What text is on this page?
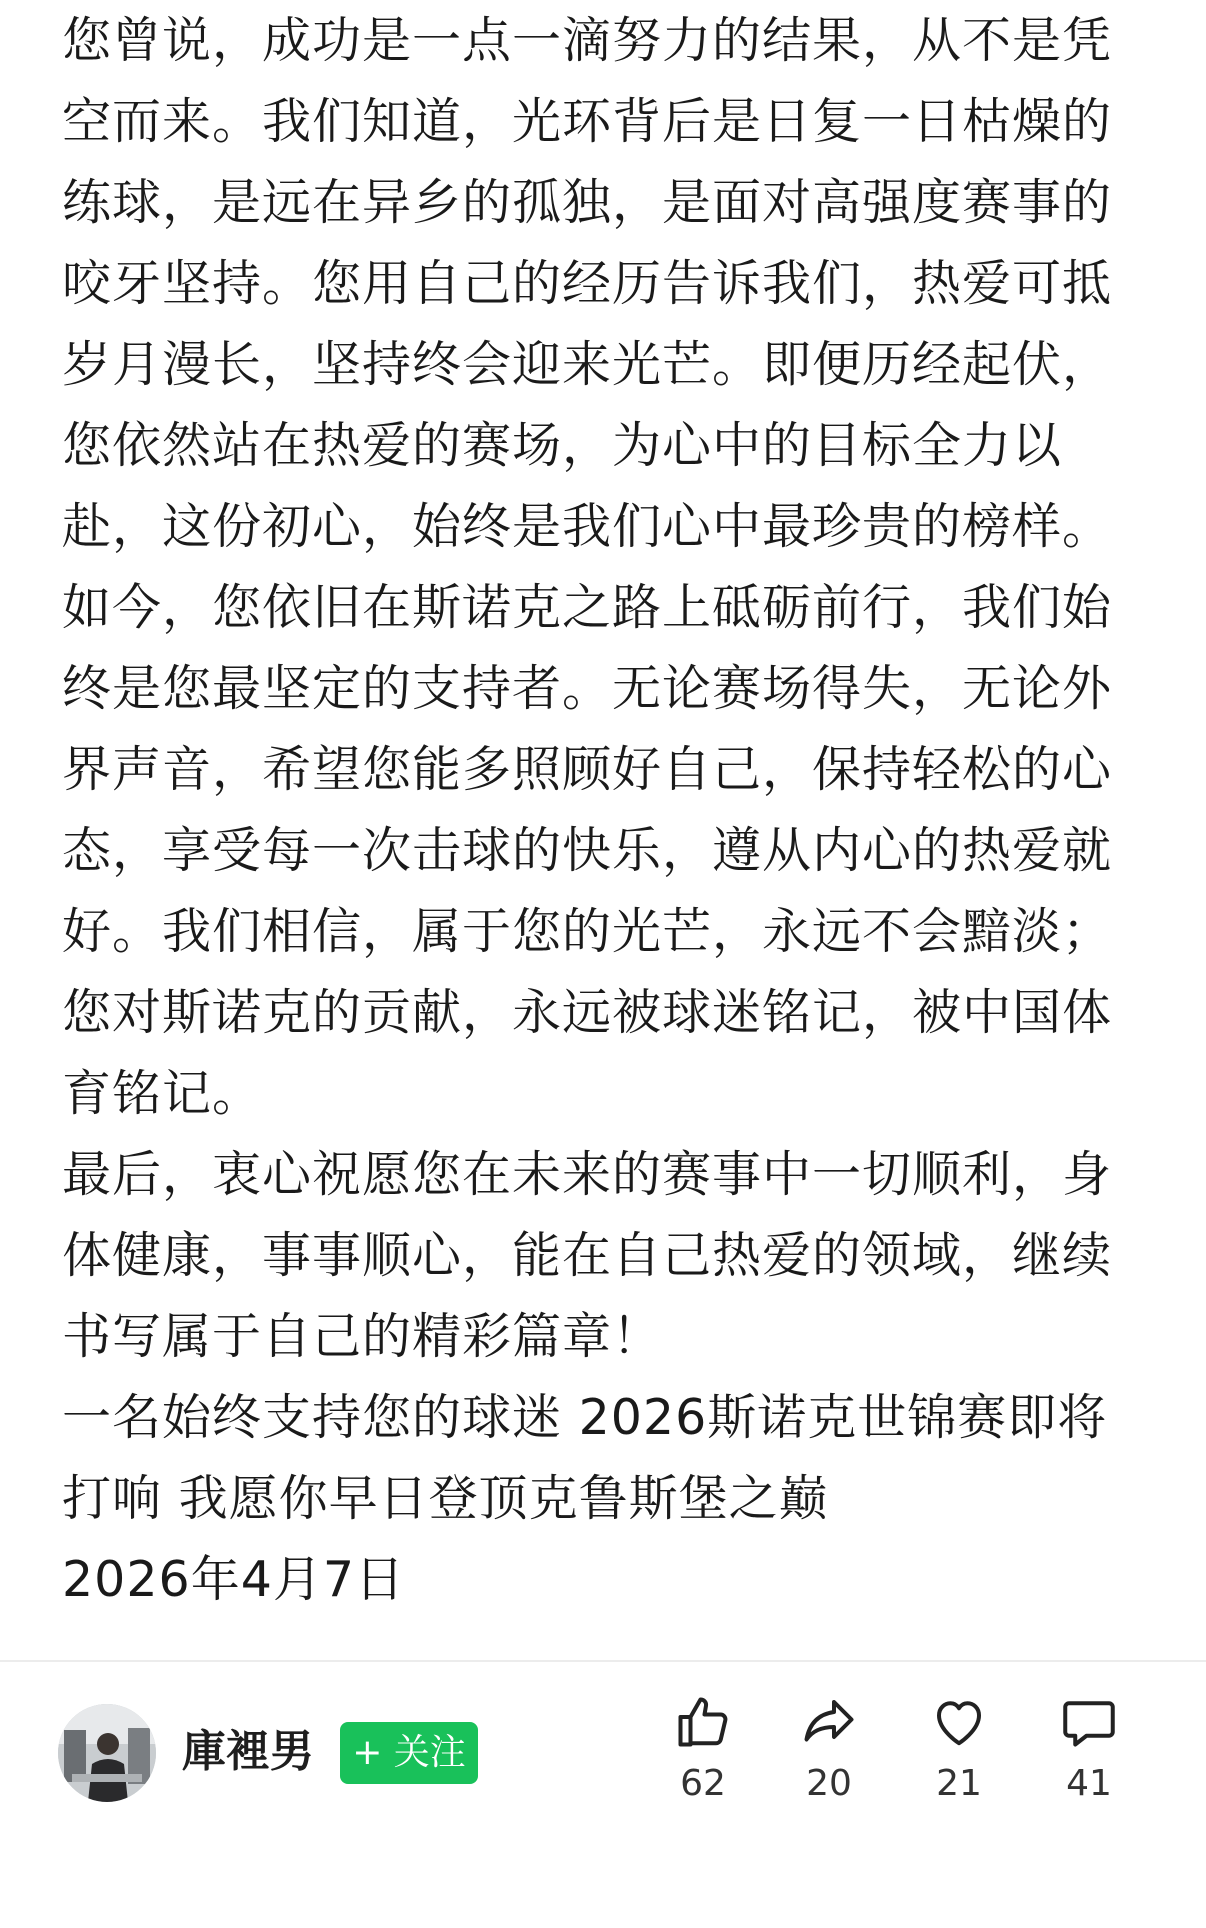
您曾说，成功是一点一滴努力的结果，从不是凭
空而来。我们知道，光环背后是日复一日枯燥的
练球，是远在异乡的孤独，是面对高强度赛事的
咬牙坚持。您用自己的经历告诉我们，热爱可抵
岁月漫长，坚持终会迎来光芒。即便历经起伏，
您依然站在热爱的赛场，为心中的目标全力以
赴，这份初心，始终是我们心中最珍贵的榜样。
如今，您依旧在斯诺克之路上砥砺前行，我们始
终是您最坚定的支持者。无论赛场得失，无论外
界声音，希望您能多照顾好自己，保持轻松的心
态，享受每一次击球的快乐，遵从内心的热爱就
好。我们相信，属于您的光芒，永远不会黯淡；
您对斯诺克的贡献，永远被球迷铭记，被中国体
育铭记。
最后，衷心祝愿您在未来的赛事中一切顺利，身
体健康，事事顺心，能在自己热爱的领域，继续
书写属于自己的精彩篇章！
一名始终支持您的球迷 2026斯诺克世锦赛即将
打响 我愿你早日登顶克鲁斯堡之巅
2026年4月7日
庫裡男	+ 关注
62	20	21	41
